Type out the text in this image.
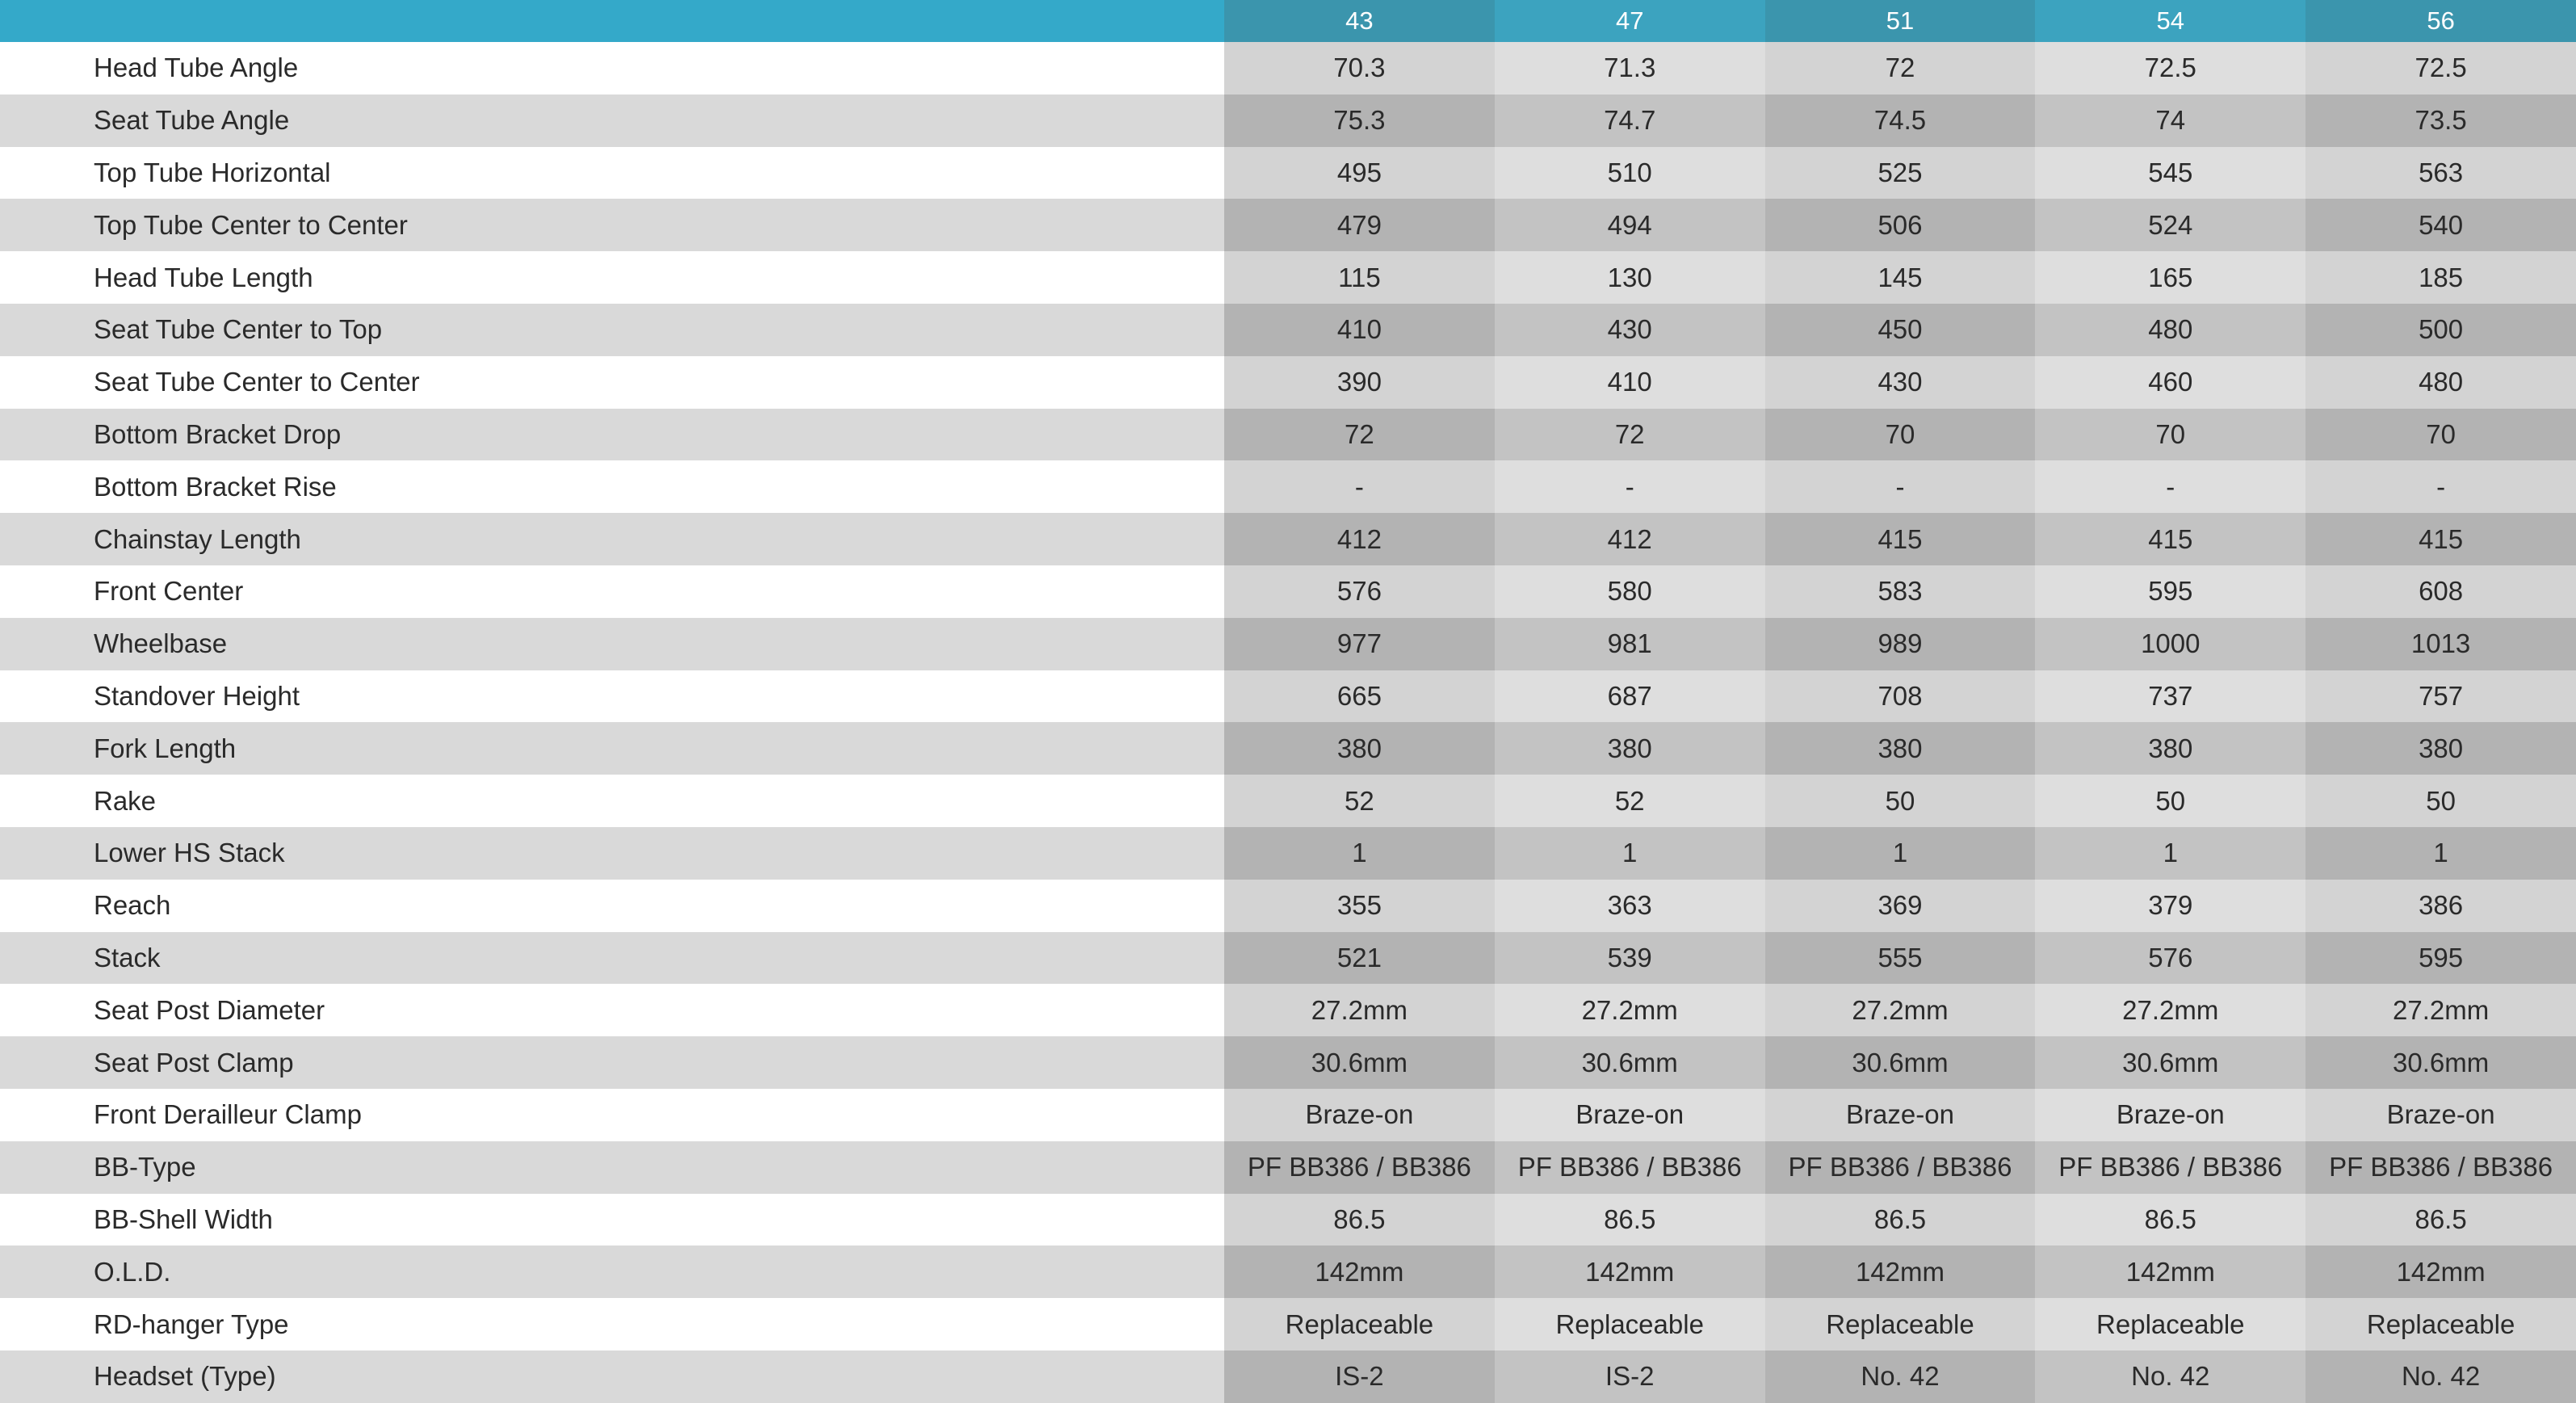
	43	47	51	54	56
Head Tube Angle	70.3	71.3	72	72.5	72.5
Seat Tube Angle	75.3	74.7	74.5	74	73.5
Top Tube Horizontal	495	510	525	545	563
Top Tube Center to Center	479	494	506	524	540
Head Tube Length	115	130	145	165	185
Seat Tube Center to Top	410	430	450	480	500
Seat Tube Center to Center	390	410	430	460	480
Bottom Bracket Drop	72	72	70	70	70
Bottom Bracket Rise	-	-	-	-	-
Chainstay Length	412	412	415	415	415
Front Center	576	580	583	595	608
Wheelbase	977	981	989	1000	1013
Standover Height	665	687	708	737	757
Fork Length	380	380	380	380	380
Rake	52	52	50	50	50
Lower HS Stack	1	1	1	1	1
Reach	355	363	369	379	386
Stack	521	539	555	576	595
Seat Post Diameter	27.2mm	27.2mm	27.2mm	27.2mm	27.2mm
Seat Post Clamp	30.6mm	30.6mm	30.6mm	30.6mm	30.6mm
Front Derailleur Clamp	Braze-on	Braze-on	Braze-on	Braze-on	Braze-on
BB-Type	PF BB386 / BB386	PF BB386 / BB386	PF BB386 / BB386	PF BB386 / BB386	PF BB386 / BB386
BB-Shell Width	86.5	86.5	86.5	86.5	86.5
O.L.D.	142mm	142mm	142mm	142mm	142mm
RD-hanger Type	Replaceable	Replaceable	Replaceable	Replaceable	Replaceable
Headset (Type)	IS-2	IS-2	No. 42	No. 42	No. 42
